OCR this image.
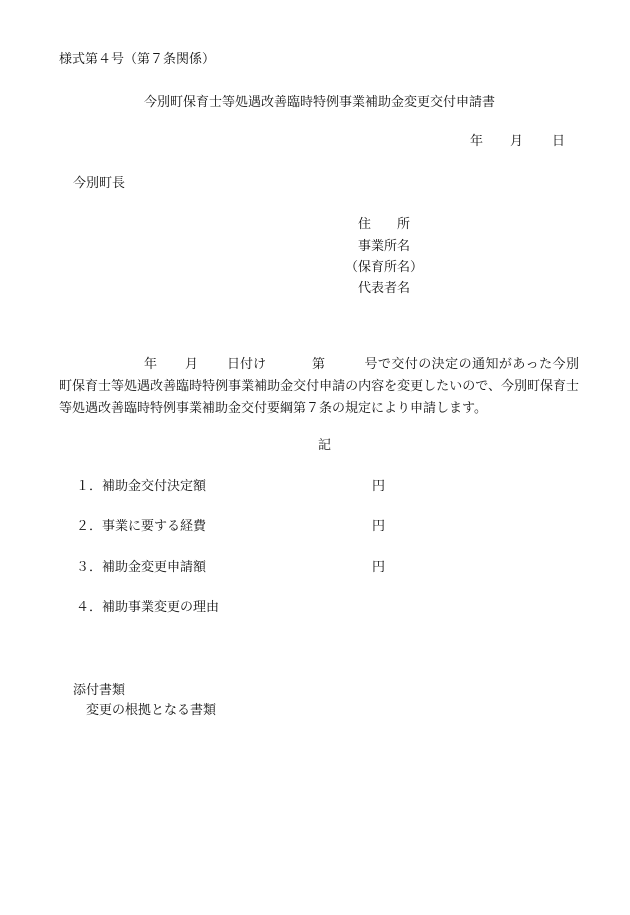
様式第４号（第７条関係）
今別町保育士等処遇改善臨時特例事業補助金変更交付申請書
年 月 日
今別町長
住　　所
事業所名
（保育所名）
代表者名
年 月 日付け	第	号で交付の決定の通知があった今別町保育士等処遇改善臨時特例事業補助金交付申請の内容を変更したいので、今別町保育士等処遇改善臨時特例事業補助金交付要綱第７条の規定により申請します。
記
１．補助金交付決定額	円
２．事業に要する経費	円
３．補助金変更申請額	円
４．補助事業変更の理由
添付書類
変更の根拠となる書類
